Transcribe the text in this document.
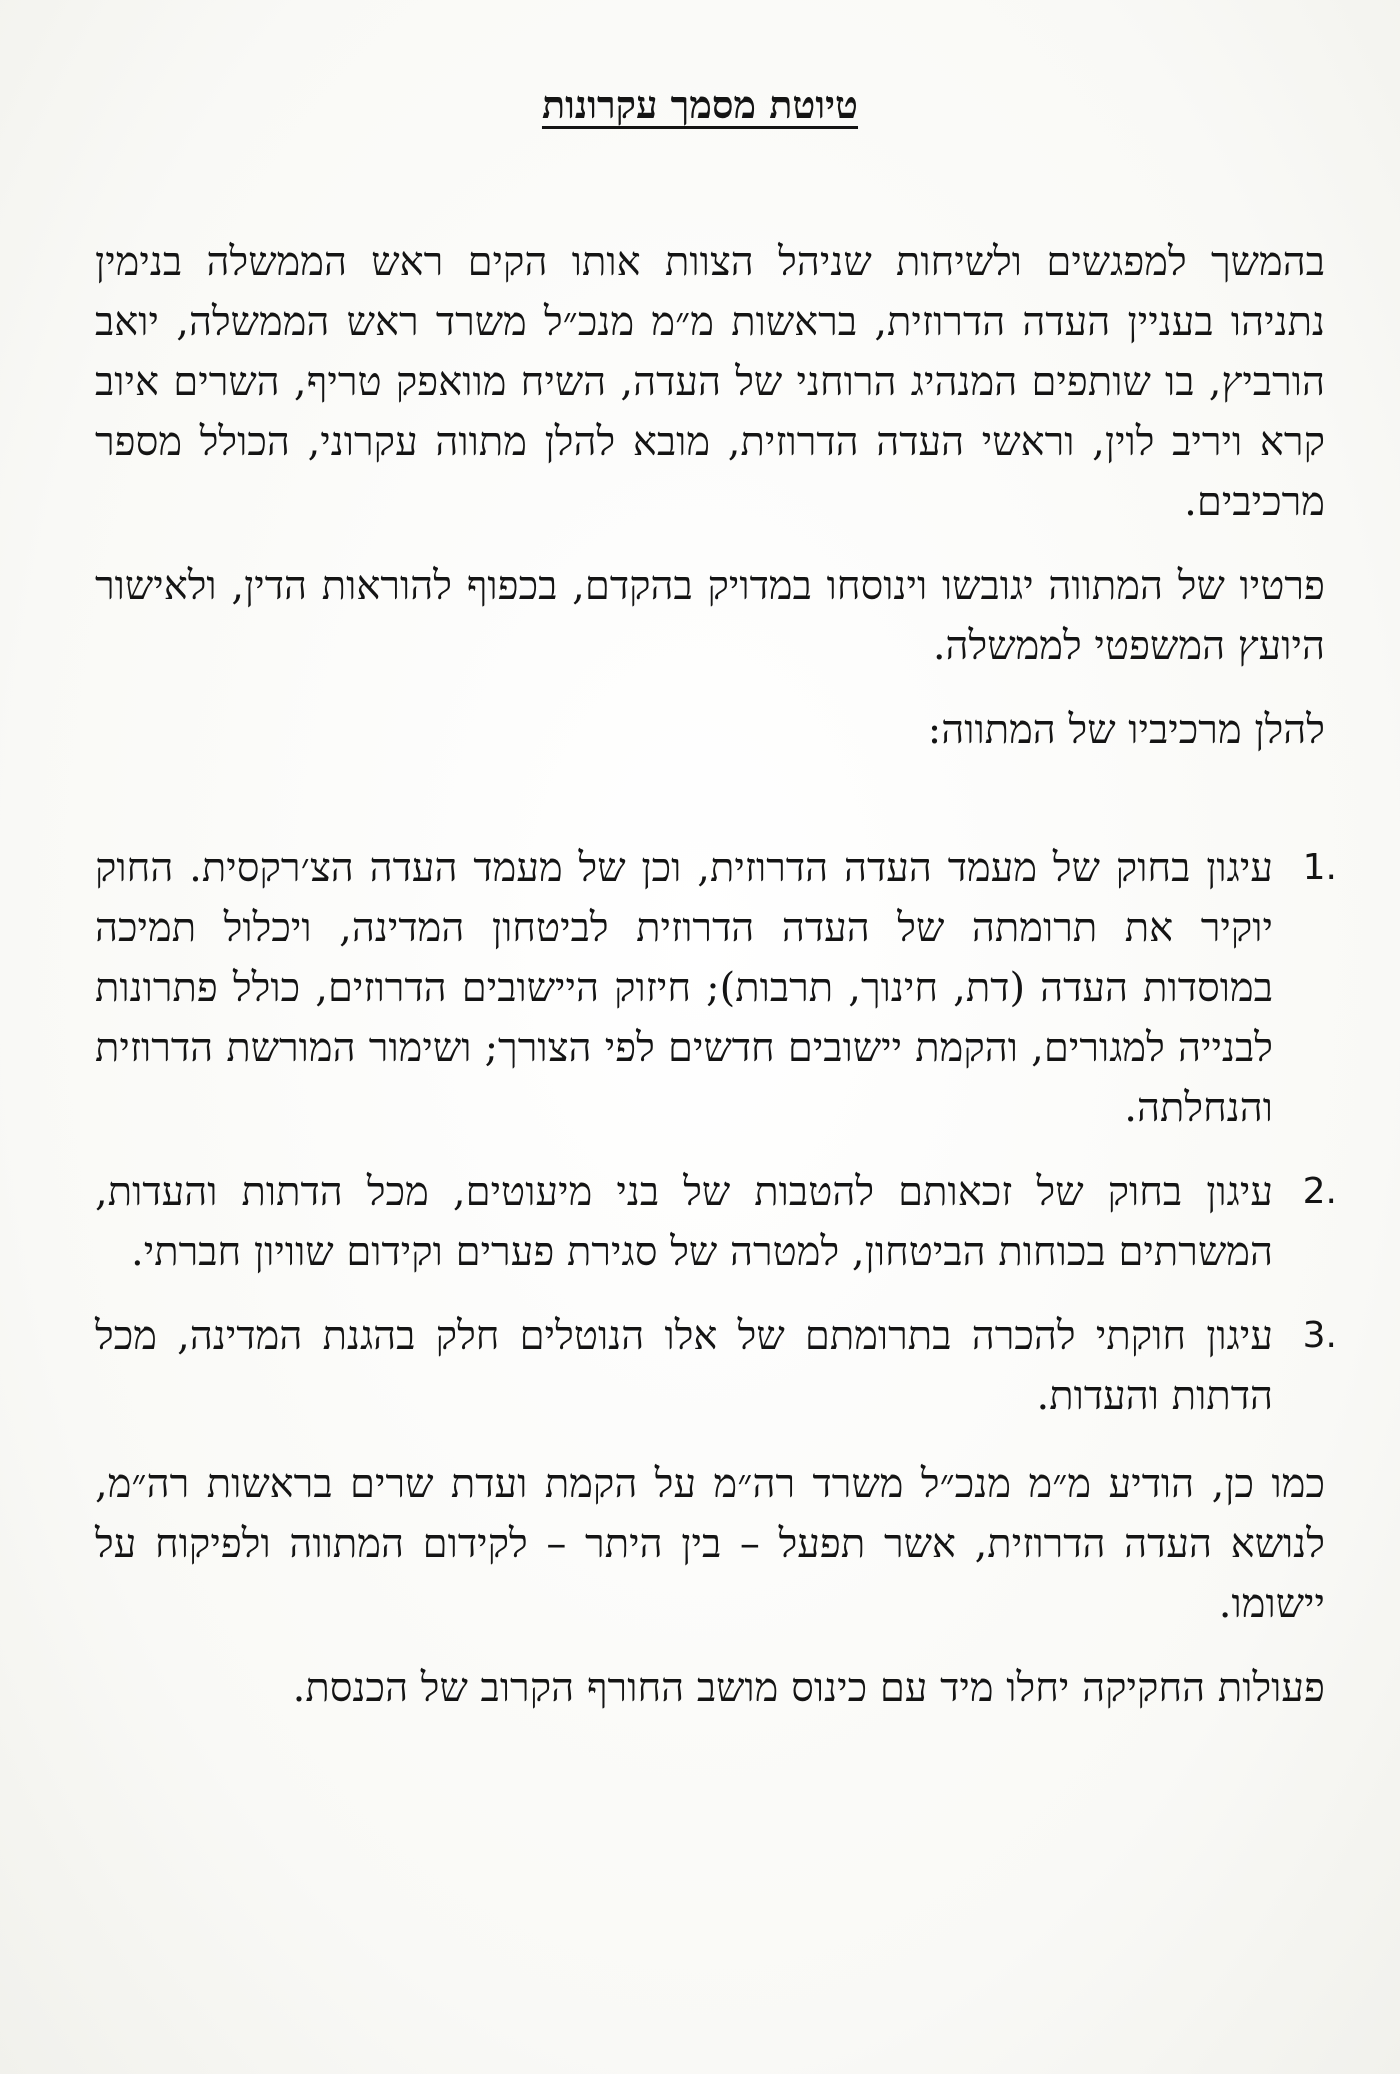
טיוטת מסמך עקרונות

בהמשך למפגשים ולשיחות שניהל הצוות אותו הקים ראש הממשלה בנימין נתניהו בעניין העדה הדרוזית, בראשות מ״מ מנכ״ל משרד ראש הממשלה, יואב הורביץ, בו שותפים המנהיג הרוחני של העדה, השיח מוואפק טריף, השרים איוב קרא ויריב לוין, וראשי העדה הדרוזית, מובא להלן מתווה עקרוני, הכולל מספר מרכיבים.

פרטיו של המתווה יגובשו וינוסחו במדויק בהקדם, בכפוף להוראות הדין, ולאישור היועץ המשפטי לממשלה.

להלן מרכיביו של המתווה:

1.
עיגון בחוק של מעמד העדה הדרוזית, וכן של מעמד העדה הצ׳רקסית. החוק יוקיר את תרומתה של העדה הדרוזית לביטחון המדינה, ויכלול תמיכה במוסדות העדה (דת, חינוך, תרבות); חיזוק היישובים הדרוזים, כולל פתרונות לבנייה למגורים, והקמת יישובים חדשים לפי הצורך; ושימור המורשת הדרוזית והנחלתה.
2.
עיגון בחוק של זכאותם להטבות של בני מיעוטים, מכל הדתות והעדות, המשרתים בכוחות הביטחון, למטרה של סגירת פערים וקידום שוויון חברתי.
3.
עיגון חוקתי להכרה בתרומתם של אלו הנוטלים חלק בהגנת המדינה, מכל הדתות והעדות.

כמו כן, הודיע מ״מ מנכ״ל משרד רה״מ על הקמת ועדת שרים בראשות רה״מ, לנושא העדה הדרוזית, אשר תפעל – בין היתר – לקידום המתווה ולפיקוח על יישומו.

פעולות החקיקה יחלו מיד עם כינוס מושב החורף הקרוב של הכנסת.
